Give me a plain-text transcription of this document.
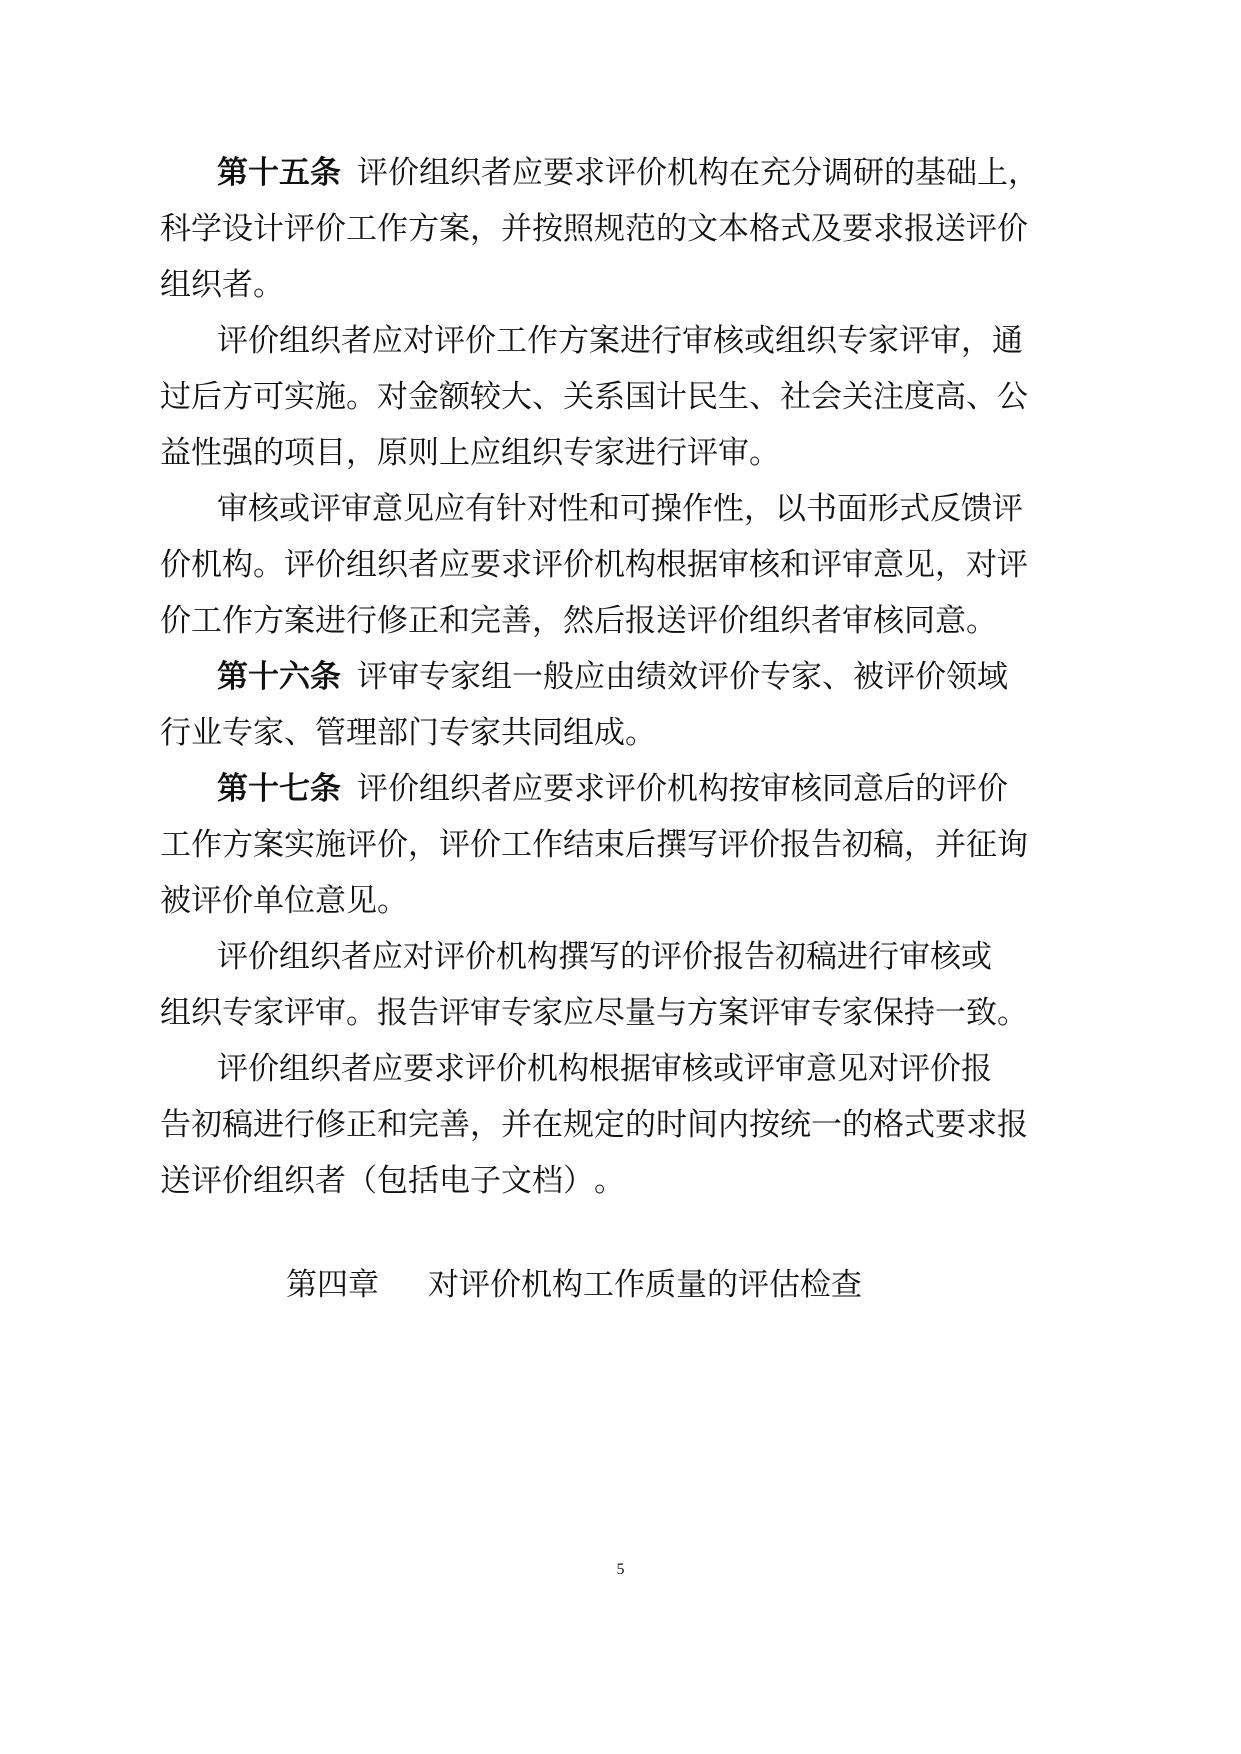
第 十 五 条 评 价 组 织 者 应 要 求 评 价 机 构 在 充 分 调 研 的 基 础 上 ，
科 学 设 计 评 价 工 作 方 案 ， 并 按 照 规 范 的 文 本 格 式 及 要 求 报 送 评 价
组 织 者 。
评 价 组 织 者 应 对 评 价 工 作 方 案 进 行 审 核 或 组 织 专 家 评 审 ， 通
过 后 方 可 实 施 。 对 金 额 较 大 、 关 系 国 计 民 生 、 社 会 关 注 度 高 、 公
益 性 强 的 项 目 ， 原 则 上 应 组 织 专 家 进 行 评 审 。
审 核 或 评 审 意 见 应 有 针 对 性 和 可 操 作 性 ， 以 书 面 形 式 反 馈 评
价 机 构 。 评 价 组 织 者 应 要 求 评 价 机 构 根 据 审 核 和 评 审 意 见 ， 对 评
价 工 作 方 案 进 行 修 正 和 完 善 ， 然 后 报 送 评 价 组 织 者 审 核 同 意 。
第 十 六 条 评 审 专 家 组 一 般 应 由 绩 效 评 价 专 家 、 被 评 价 领 域
行 业 专 家 、 管 理 部 门 专 家 共 同 组 成 。
第 十 七 条 评 价 组 织 者 应 要 求 评 价 机 构 按 审 核 同 意 后 的 评 价
工 作 方 案 实 施 评 价 ， 评 价 工 作 结 束 后 撰 写 评 价 报 告 初 稿 ， 并 征 询
被 评 价 单 位 意 见 。
评 价 组 织 者 应 对 评 价 机 构 撰 写 的 评 价 报 告 初 稿 进 行 审 核 或
组 织 专 家 评 审 。 报 告 评 审 专 家 应 尽 量 与 方 案 评 审 专 家 保 持 一 致 。
评 价 组 织 者 应 要 求 评 价 机 构 根 据 审 核 或 评 审 意 见 对 评 价 报
告 初 稿 进 行 修 正 和 完 善 ， 并 在 规 定 的 时 间 内 按 统 一 的 格 式 要 求 报
送 评 价 组 织 者 （ 包 括 电 子 文 档 ） 。
第 四 章 对 评 价 机 构 工 作 质 量 的 评 估 检 查
5
